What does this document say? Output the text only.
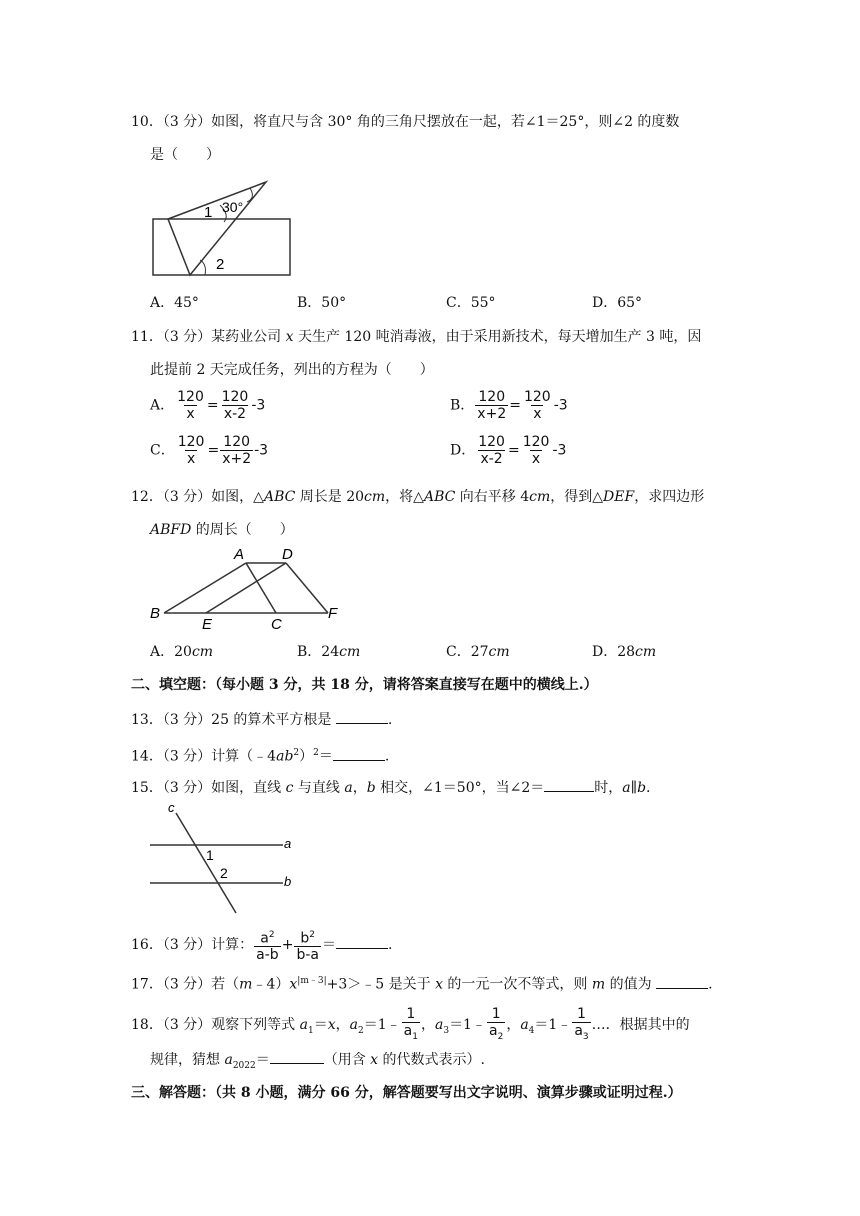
10．（3 分）如图，将直尺与含 30° 角的三角尺摆放在一起，若∠1＝25°，则∠2 的度数
是（　　）
1 30°
2
A．45°	B．50°	C．55°	D．65°
11．（3 分）某药业公司 x 天生产 120 吨消毒液，由于采用新技术，每天增加生产 3 吨，因
此提前 2 天完成任务，列出的方程为（　　）
A． $\frac{120}{x} = \frac{120}{x-2} -3$	B． $\frac{120}{x+2} = \frac{120}{x} -3$
C． $\frac{120}{x} = \frac{120}{x+2} -3$	D． $\frac{120}{x-2} = \frac{120}{x} -3$
12．（3 分）如图，△ABC 周长是 20cm，将△ABC 向右平移 4cm，得到△DEF，求四边形
ABFD 的周长（　　）
A	D
B
E	C
F
A．20cm	B．24cm	C．27cm	D．28cm
二、填空题：（每小题 3 分，共 18 分，请将答案直接写在题中的横线上.）
13．（3 分）25 的算术平方根是	.
14．（3 分）计算$(﹣4ab^2)^2=$	.
15．（3 分）如图，直线 c 与直线 a，b 相交，∠1＝50°，当∠2＝	时，a∥b.
c
a
b
1
2
16．（3 分）计算： $\frac{a^2}{a-b} + \frac{b^2}{b-a}$ ＝	.
17．（3 分）若$(m﹣4)x^{|m﹣3|}+3>﹣5$ 是关于 x 的一元一次不等式，则 m 的值为	.
18．（3 分）观察下列等式 $a_1=x$，$a_2=1﹣ \frac{1}{a_1}$ ，$a_3=1﹣ \frac{1}{a_2}$ ，$a_4=1﹣ \frac{1}{a_3}$ …．根据其中的
规律，猜想 $a_{2022}=$	（用含 x 的代数式表示）.
三、解答题：（共 8 小题，满分 66 分，解答题要写出文字说明、演算步骤或证明过程.）
